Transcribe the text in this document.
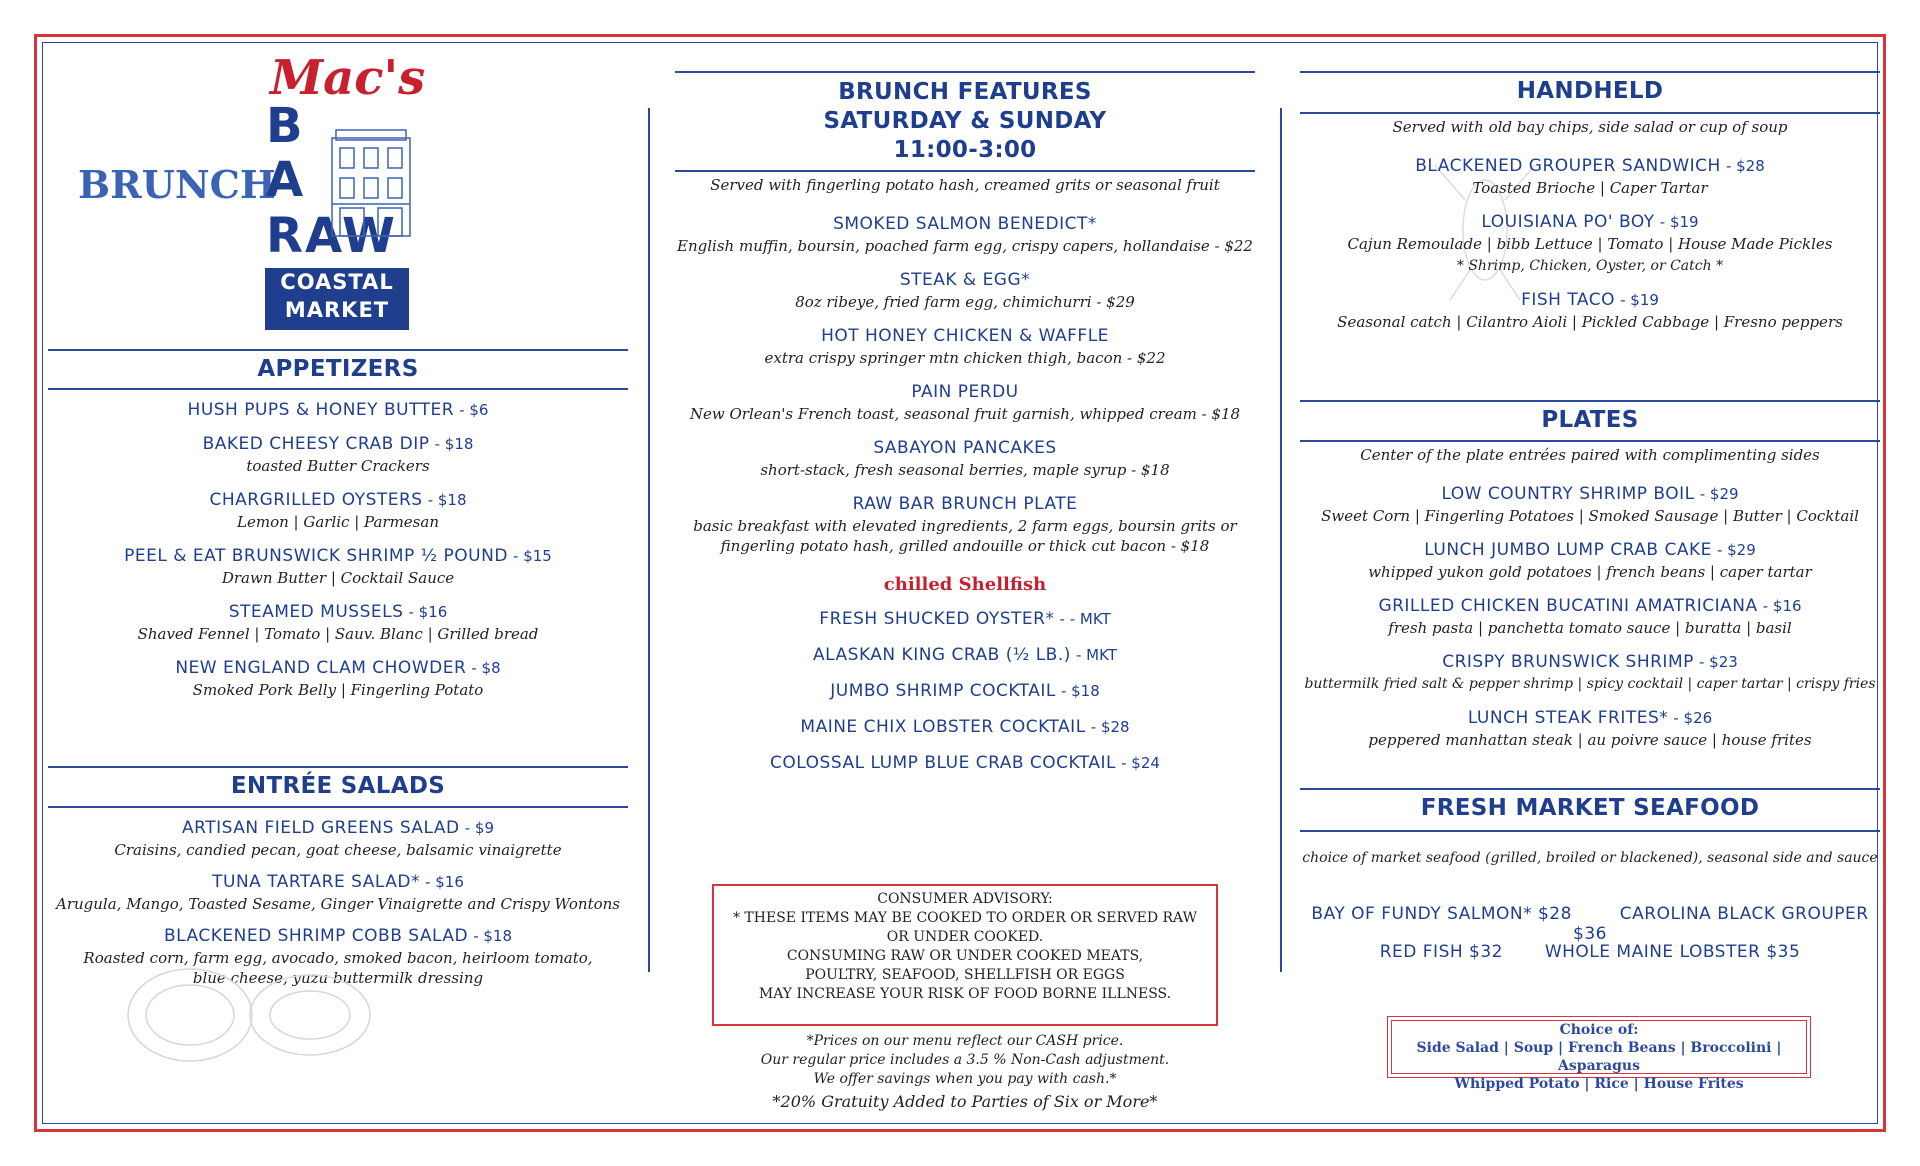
BRUNCH
Mac's
B
A
RAW
COASTAL
MARKET
APPETIZERS
HUSH PUPS & HONEY BUTTER - $6
BAKED CHEESY CRAB DIP - $18
toasted Butter Crackers
CHARGRILLED OYSTERS - $18
Lemon | Garlic | Parmesan
PEEL & EAT BRUNSWICK SHRIMP ½ POUND - $15
Drawn Butter | Cocktail Sauce
STEAMED MUSSELS - $16
Shaved Fennel | Tomato | Sauv. Blanc | Grilled bread
NEW ENGLAND CLAM CHOWDER - $8
Smoked Pork Belly | Fingerling Potato
ENTRÉE SALADS
ARTISAN FIELD GREENS SALAD - $9
Craisins, candied pecan, goat cheese, balsamic vinaigrette
TUNA TARTARE SALAD* - $16
Arugula, Mango, Toasted Sesame, Ginger Vinaigrette and Crispy Wontons
BLACKENED SHRIMP COBB SALAD - $18
Roasted corn, farm egg, avocado, smoked bacon, heirloom tomato, blue cheese, yuzu buttermilk dressing
BRUNCH FEATURES
SATURDAY & SUNDAY
11:00-3:00
Served with fingerling potato hash, creamed grits or seasonal fruit
SMOKED SALMON BENEDICT*
English muffin, boursin, poached farm egg, crispy capers, hollandaise - $22
STEAK & EGG*
8oz ribeye, fried farm egg, chimichurri - $29
HOT HONEY CHICKEN & WAFFLE
extra crispy springer mtn chicken thigh, bacon - $22
PAIN PERDU
New Orlean's French toast, seasonal fruit garnish, whipped cream - $18
SABAYON PANCAKES
short-stack, fresh seasonal berries, maple syrup - $18
RAW BAR BRUNCH PLATE
basic breakfast with elevated ingredients, 2 farm eggs, boursin grits or fingerling potato hash, grilled andouille or thick cut bacon - $18
chilled Shellfish
FRESH SHUCKED OYSTER* - - MKT
ALASKAN KING CRAB (½ LB.) - MKT
JUMBO SHRIMP COCKTAIL - $18
MAINE CHIX LOBSTER COCKTAIL - $28
COLOSSAL LUMP BLUE CRAB COCKTAIL - $24
CONSUMER ADVISORY:
* THESE ITEMS MAY BE COOKED TO ORDER OR SERVED RAW
OR UNDER COOKED.
CONSUMING RAW OR UNDER COOKED MEATS,
POULTRY, SEAFOOD, SHELLFISH OR EGGS
MAY INCREASE YOUR RISK OF FOOD BORNE ILLNESS.
*Prices on our menu reflect our CASH price.
Our regular price includes a 3.5 % Non-Cash adjustment.
We offer savings when you pay with cash.*
*20% Gratuity Added to Parties of Six or More*
HANDHELD
Served with old bay chips, side salad or cup of soup
BLACKENED GROUPER SANDWICH - $28
Toasted Brioche | Caper Tartar
LOUISIANA PO' BOY - $19
Cajun Remoulade | bibb Lettuce | Tomato | House Made Pickles
* Shrimp, Chicken, Oyster, or Catch *
FISH TACO - $19
Seasonal catch | Cilantro Aioli | Pickled Cabbage | Fresno peppers
PLATES
Center of the plate entrées paired with complimenting sides
LOW COUNTRY SHRIMP BOIL - $29
Sweet Corn | Fingerling Potatoes | Smoked Sausage | Butter | Cocktail
LUNCH JUMBO LUMP CRAB CAKE - $29
whipped yukon gold potatoes | french beans | caper tartar
GRILLED CHICKEN BUCATINI AMATRICIANA - $16
fresh pasta | panchetta tomato sauce | buratta | basil
CRISPY BRUNSWICK SHRIMP - $23
buttermilk fried salt & pepper shrimp | spicy cocktail | caper tartar | crispy fries
LUNCH STEAK FRITES* - $26
peppered manhattan steak | au poivre sauce | house frites
FRESH MARKET SEAFOOD
choice of market seafood (grilled, broiled or blackened), seasonal side and sauce
BAY OF FUNDY SALMON* $28	CAROLINA BLACK GROUPER $36
RED FISH $32 WHOLE MAINE LOBSTER $35
Choice of:
Side Salad | Soup | French Beans | Broccolini | Asparagus
Whipped Potato | Rice | House Frites
